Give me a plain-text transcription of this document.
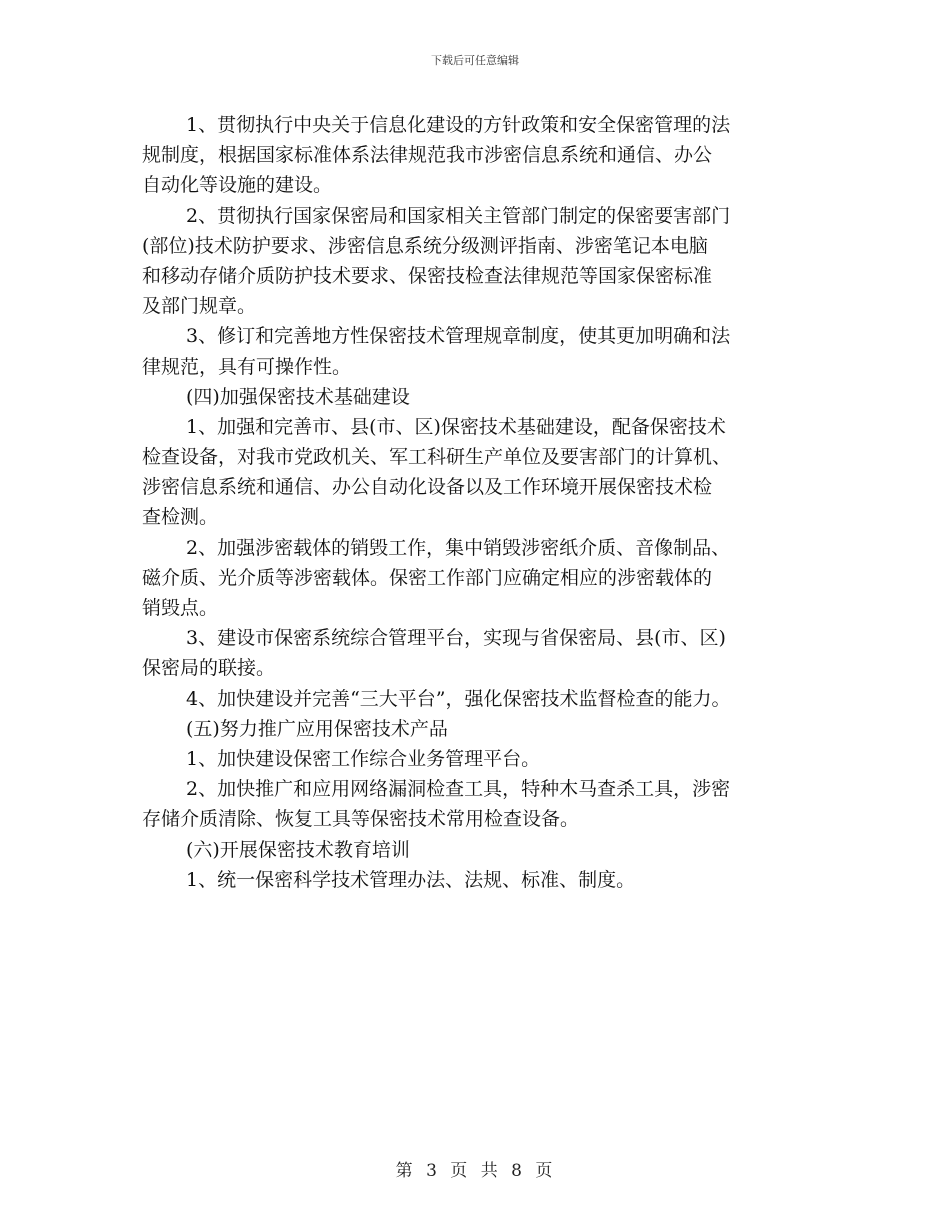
下载后可任意编辑
1、贯彻执行中央关于信息化建设的方针政策和安全保密管理的法
规制度，根据国家标准体系法律规范我市涉密信息系统和通信、办公
自动化等设施的建设。
2、贯彻执行国家保密局和国家相关主管部门制定的保密要害部门
(部位)技术防护要求、涉密信息系统分级测评指南、涉密笔记本电脑
和移动存储介质防护技术要求、保密技检查法律规范等国家保密标准
及部门规章。
3、修订和完善地方性保密技术管理规章制度，使其更加明确和法
律规范，具有可操作性。
(四)加强保密技术基础建设
1、加强和完善市、县(市、区)保密技术基础建设，配备保密技术
检查设备，对我市党政机关、军工科研生产单位及要害部门的计算机、
涉密信息系统和通信、办公自动化设备以及工作环境开展保密技术检
查检测。
2、加强涉密载体的销毁工作，集中销毁涉密纸介质、音像制品、
磁介质、光介质等涉密载体。保密工作部门应确定相应的涉密载体的
销毁点。
3、建设市保密系统综合管理平台，实现与省保密局、县(市、区)
保密局的联接。
4、加快建设并完善“三大平台”，强化保密技术监督检查的能力。
(五)努力推广应用保密技术产品
1、加快建设保密工作综合业务管理平台。
2、加快推广和应用网络漏洞检查工具，特种木马查杀工具，涉密
存储介质清除、恢复工具等保密技术常用检查设备。
(六)开展保密技术教育培训
1、统一保密科学技术管理办法、法规、标准、制度。
第 3 页 共 8 页
